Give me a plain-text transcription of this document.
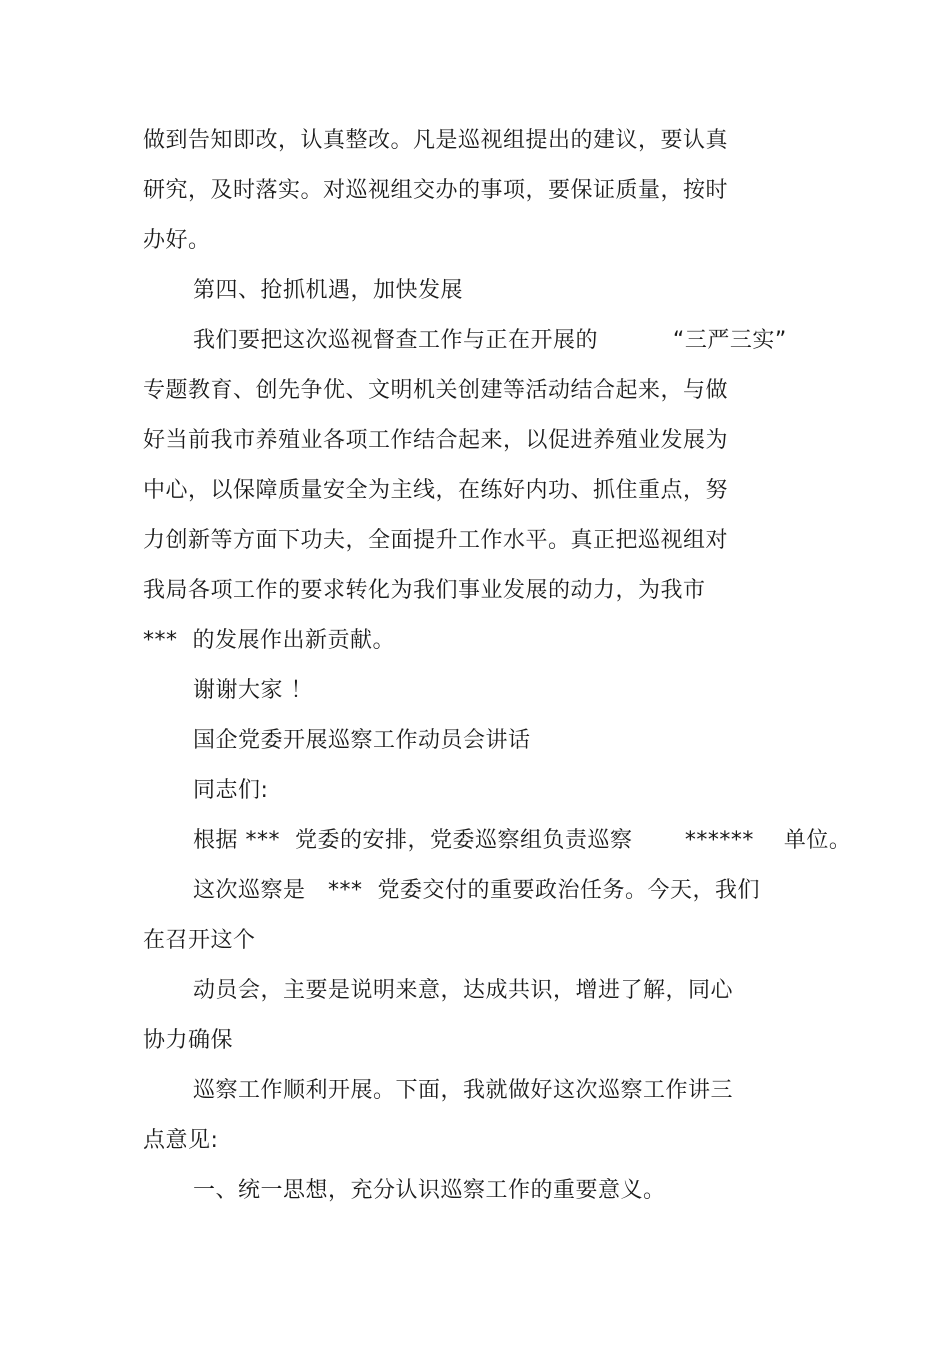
做到告知即改，认真整改。凡是巡视组提出的建议，要认真
研究，及时落实。对巡视组交办的事项，要保证质量，按时
办好。
第四、抢抓机遇，加快发展
我们要把这次巡视督查工作与正在开展的          “三严三实”
专题教育、创先争优、文明机关创建等活动结合起来，与做
好当前我市养殖业各项工作结合起来，以促进养殖业发展为
中心，以保障质量安全为主线，在练好内功、抓住重点，努
力创新等方面下功夫，全面提升工作水平。真正把巡视组对
我局各项工作的要求转化为我们事业发展的动力，为我市
***  的发展作出新贡献。
谢谢大家 ！
国企党委开展巡察工作动员会讲话
同志们:
根据 ***  党委的安排，党委巡察组负责巡察       ******    单位。
这次巡察是   ***  党委交付的重要政治任务。今天，我们
在召开这个
动员会，主要是说明来意，达成共识，增进了解，同心
协力确保
巡察工作顺利开展。下面，我就做好这次巡察工作讲三
点意见:
一、统一思想，充分认识巡察工作的重要意义。
